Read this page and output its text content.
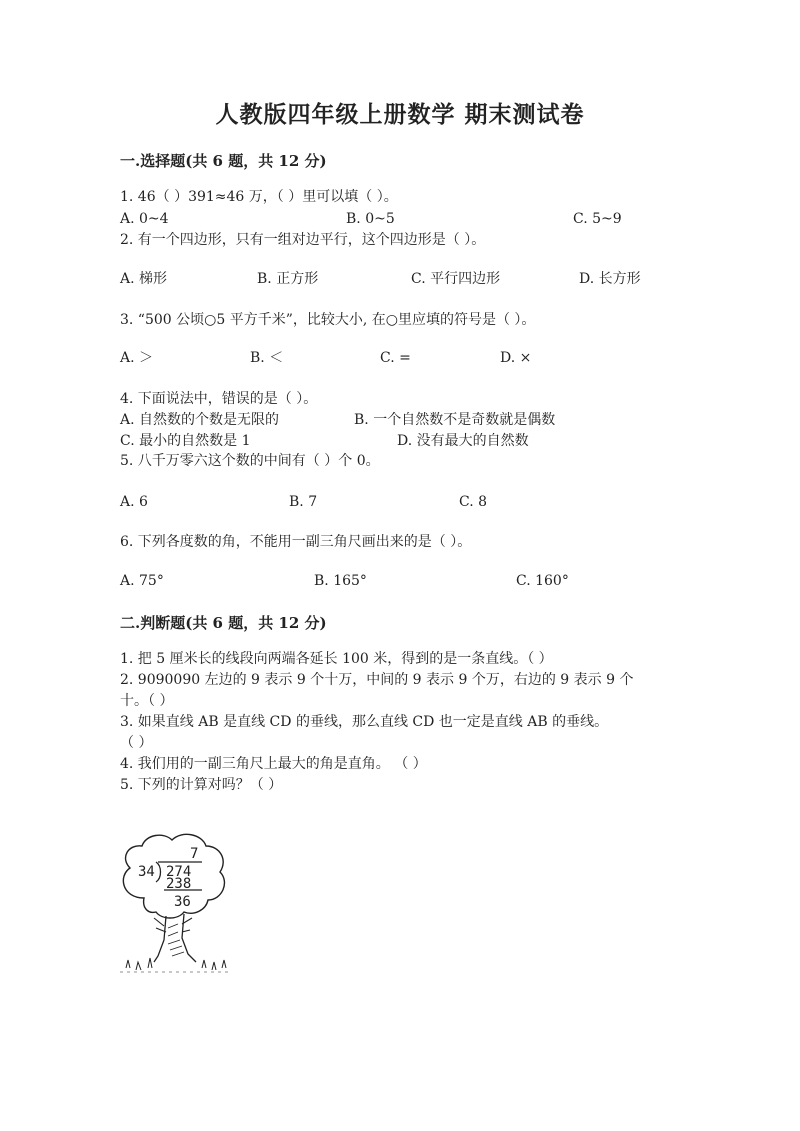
人教版四年级上册数学 期末测试卷
一.选择题(共 6 题，共 12 分)
1. 46（ ）391≈46 万，（ ）里可以填（ ）。
A. 0~4	B. 0~5	C. 5~9
2. 有一个四边形，只有一组对边平行，这个四边形是（ ）。
A. 梯形	B. 正方形	C. 平行四边形	D. 长方形
3. “500 公顷○5 平方千米”，比较大小, 在○里应填的符号是（ ）。
A. ＞	B. ＜	C. =	D. ×
4. 下面说法中，错误的是（ ）。
A. 自然数的个数是无限的	B. 一个自然数不是奇数就是偶数
C. 最小的自然数是 1	D. 没有最大的自然数
5. 八千万零六这个数的中间有（ ）个 0。
A. 6	B. 7	C. 8
6. 下列各度数的角，不能用一副三角尺画出来的是（ ）。
A. 75°	B. 165°	C. 160°
二.判断题(共 6 题，共 12 分)
1. 把 5 厘米长的线段向两端各延长 100 米，得到的是一条直线。（ ）
2. 9090090 左边的 9 表示 9 个十万，中间的 9 表示 9 个万，右边的 9 表示 9 个
十。（ ）
3. 如果直线 AB 是直线 CD 的垂线，那么直线 CD 也一定是直线 AB 的垂线。
（ ）
4. 我们用的一副三角尺上最大的角是直角。 （ ）
5. 下列的计算对吗？（ ）
7
34 274
238
36
